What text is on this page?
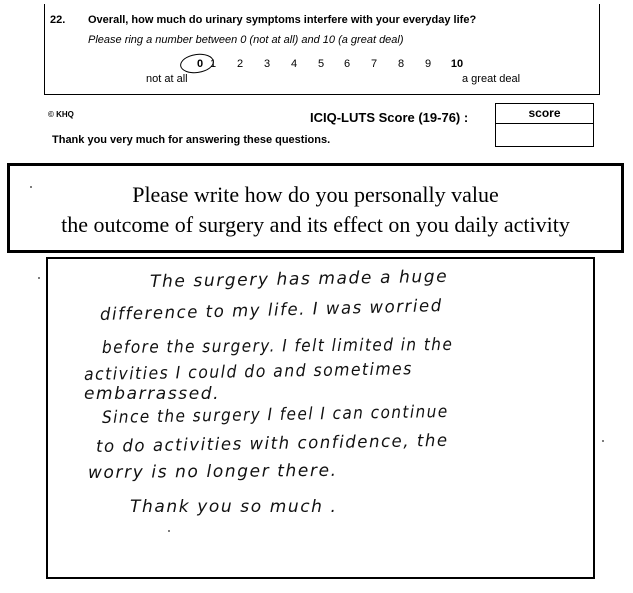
22. Overall, how much do urinary symptoms interfere with your everyday life?
Please ring a number between 0 (not at all) and 10 (a great deal)
0 1 2 3 4 5 6 7 8 9 10
not at all	a great deal
© KHQ	ICIQ-LUTS Score (19-76) :	score
Thank you very much for answering these questions.
Please write how do you personally value
the outcome of surgery and its effect on you daily activity
The surgery has made a huge
difference to my life. I was worried
before the surgery. I felt limited in the
activities I could do and sometimes
embarrassed.
Since the surgery I feel I can continue
to do activities with confidence, the
worry is no longer there.
Thank you so much .
